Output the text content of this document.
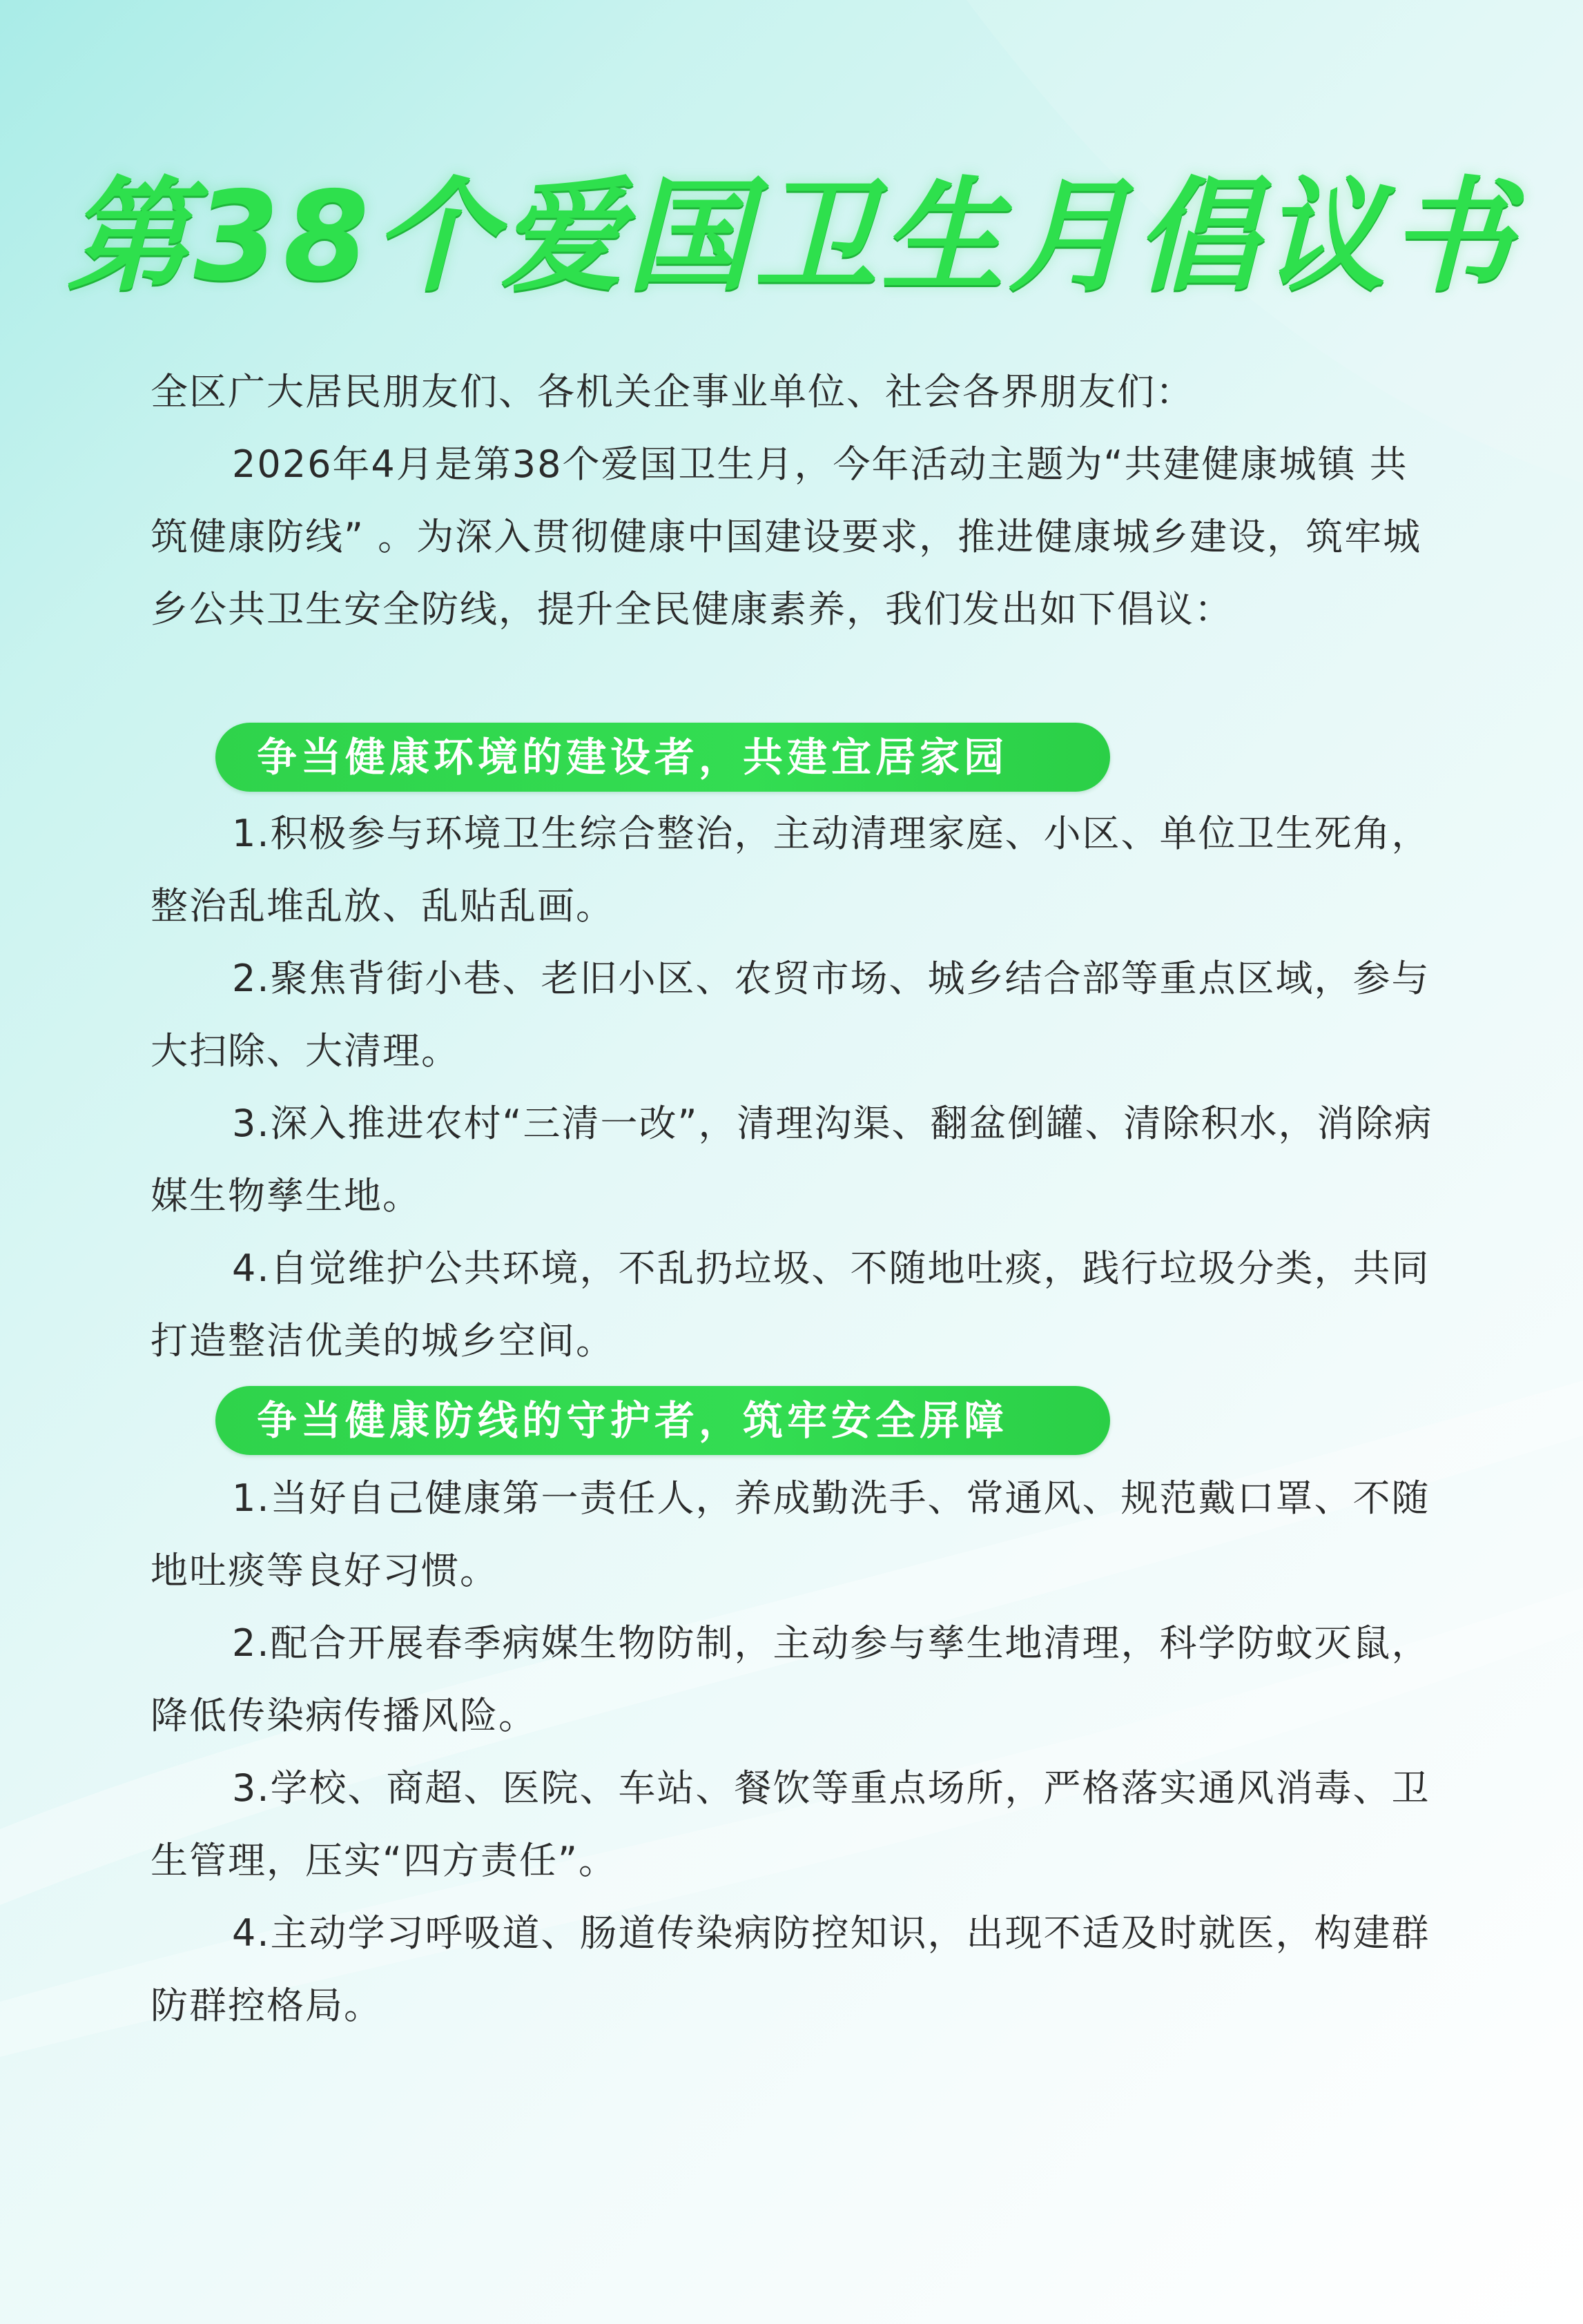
第38个爱国卫生月倡议书

全区广大居民朋友们、各机关企事业单位、社会各界朋友们：

2026年4月是第38个爱国卫生月，今年活动主题为“共建健康城镇 共筑健康防线” 。为深入贯彻健康中国建设要求，推进健康城乡建设，筑牢城乡公共卫生安全防线，提升全民健康素养，我们发出如下倡议：

争当健康环境的建设者，共建宜居家园

1.积极参与环境卫生综合整治，主动清理家庭、小区、单位卫生死角，整治乱堆乱放、乱贴乱画。

2.聚焦背街小巷、老旧小区、农贸市场、城乡结合部等重点区域，参与大扫除、大清理。

3.深入推进农村“三清一改”，清理沟渠、翻盆倒罐、清除积水，消除病媒生物孳生地。

4.自觉维护公共环境，不乱扔垃圾、不随地吐痰，践行垃圾分类，共同打造整洁优美的城乡空间。

争当健康防线的守护者，筑牢安全屏障

1.当好自己健康第一责任人，养成勤洗手、常通风、规范戴口罩、不随地吐痰等良好习惯。

2.配合开展春季病媒生物防制，主动参与孳生地清理，科学防蚊灭鼠，降低传染病传播风险。

3.学校、商超、医院、车站、餐饮等重点场所，严格落实通风消毒、卫生管理，压实“四方责任”。

4.主动学习呼吸道、肠道传染病防控知识，出现不适及时就医，构建群防群控格局。
